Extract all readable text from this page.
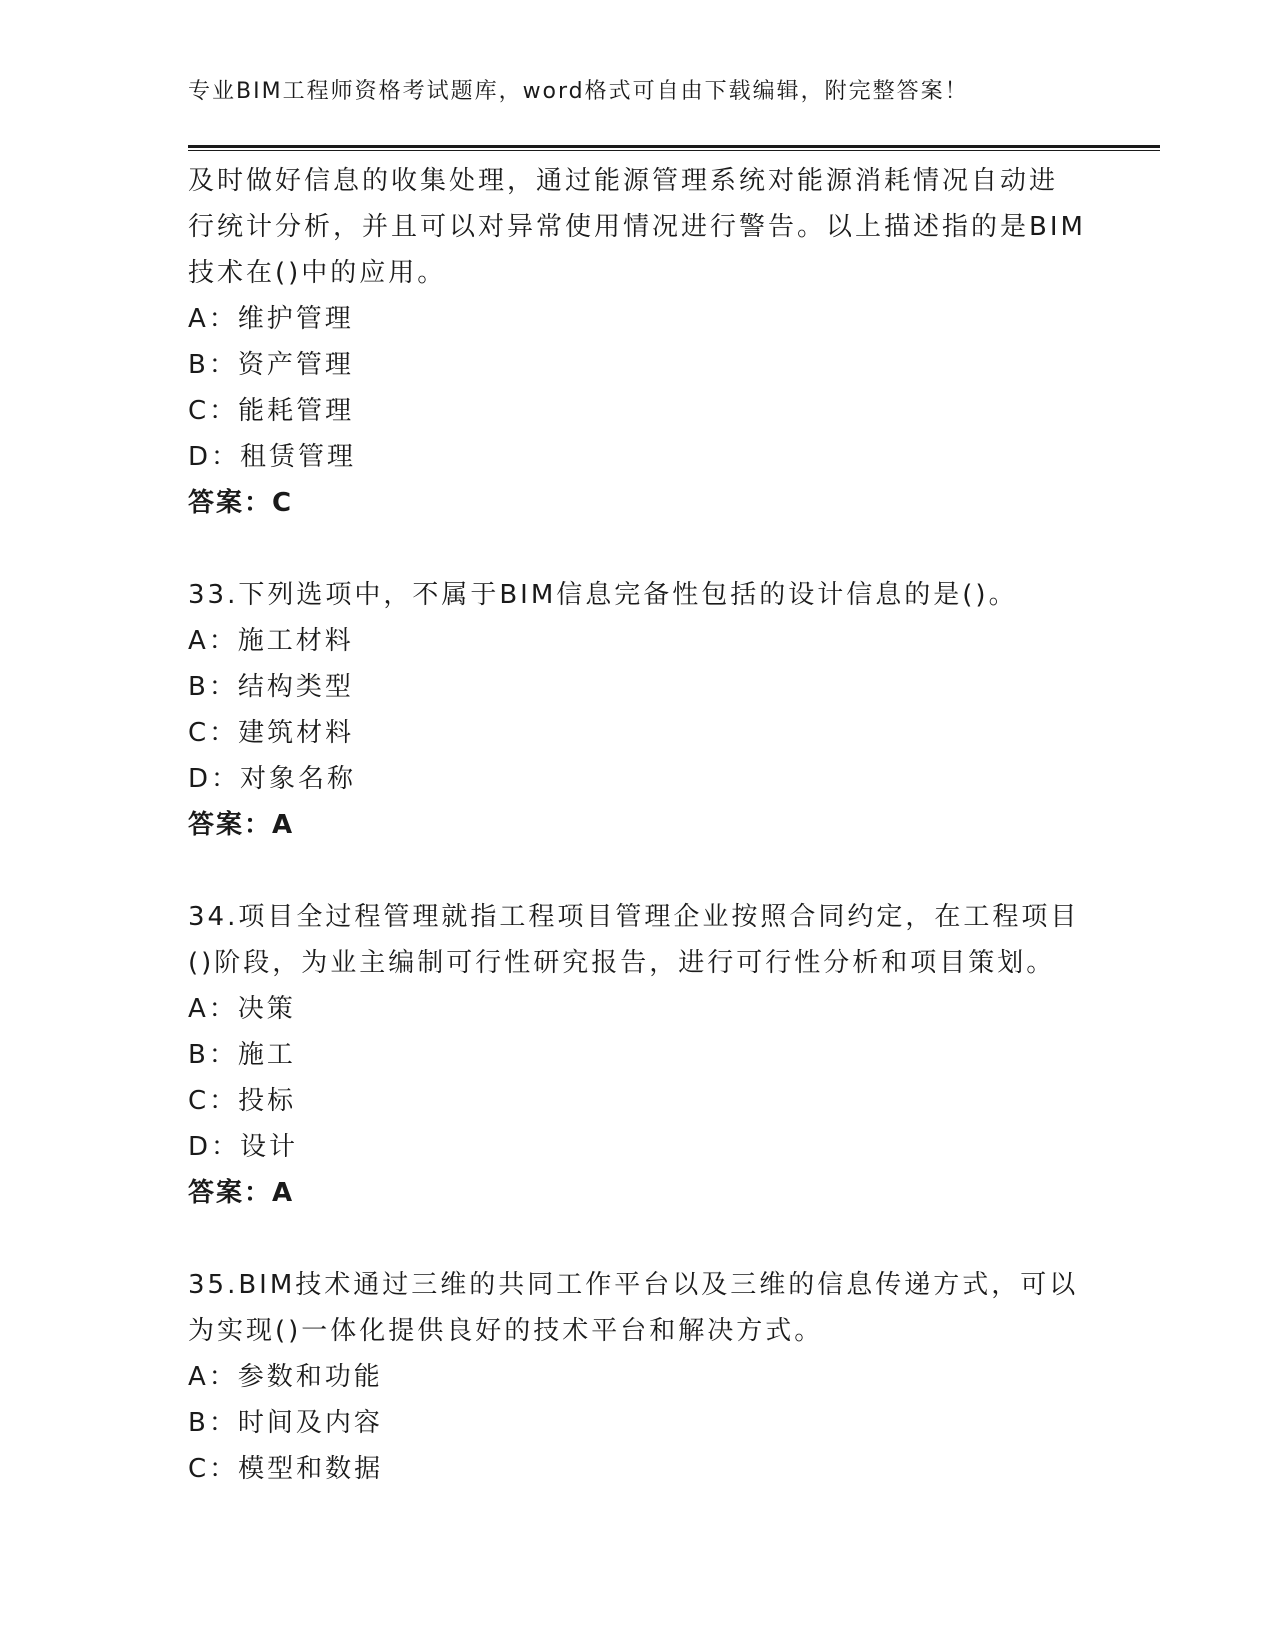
专业BIM工程师资格考试题库，word格式可自由下载编辑，附完整答案！
及时做好信息的收集处理，通过能源管理系统对能源消耗情况自动进
行统计分析，并且可以对异常使用情况进行警告。以上描述指的是BIM
技术在()中的应用。
A：维护管理
B：资产管理
C：能耗管理
D：租赁管理
答案：C
33.下列选项中，不属于BIM信息完备性包括的设计信息的是()。
A：施工材料
B：结构类型
C：建筑材料
D：对象名称
答案：A
34.项目全过程管理就指工程项目管理企业按照合同约定，在工程项目
()阶段，为业主编制可行性研究报告，进行可行性分析和项目策划。
A：决策
B：施工
C：投标
D：设计
答案：A
35.BIM技术通过三维的共同工作平台以及三维的信息传递方式，可以
为实现()一体化提供良好的技术平台和解决方式。
A：参数和功能
B：时间及内容
C：模型和数据
